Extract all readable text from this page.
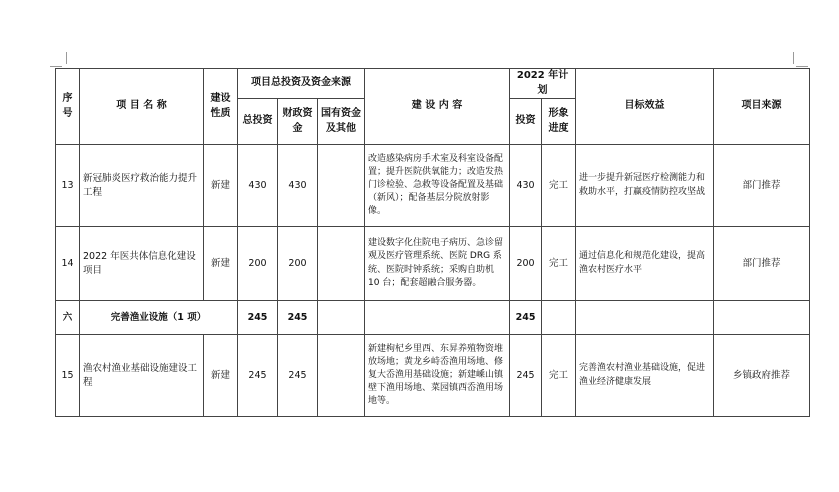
序号	项 目 名 称	建设性质	项目总投资及资金来源			建 设 内 容	2022 年计划		目标效益	项目来源
			总投资	财政资金	国有资金及其他		投资	形象进度		
13	新冠肺炎医疗救治能力提升工程	新建	430	430		改造感染病房手术室及科室设备配置；提升医院供氧能力；改造发热门诊检验、急救等设备配置及基础（新风）；配备基层分院放射影像。	430	完工	进一步提升新冠医疗检测能力和救助水平，打赢疫情防控攻坚战	部门推荐
14	2022 年医共体信息化建设项目	新建	200	200		建设数字化住院电子病历、急诊留观及医疗管理系统、医院 DRG 系统、医院时钟系统；采购自助机 10 台；配套超融合服务器。	200	完工	通过信息化和规范化建设，提高渔农村医疗水平	部门推荐
六	完善渔业设施（1 项）		245	245			245			
15	渔农村渔业基础设施建设工程	新建	245	245		新建枸杞乡里西、东昇养殖物资堆放场地；黄龙乡峙岙渔用场地、修复大岙渔用基础设施；新建嵊山镇壁下渔用场地、菜园镇西岙渔用场地等。	245	完工	完善渔农村渔业基础设施，促进渔业经济健康发展	乡镇政府推荐
